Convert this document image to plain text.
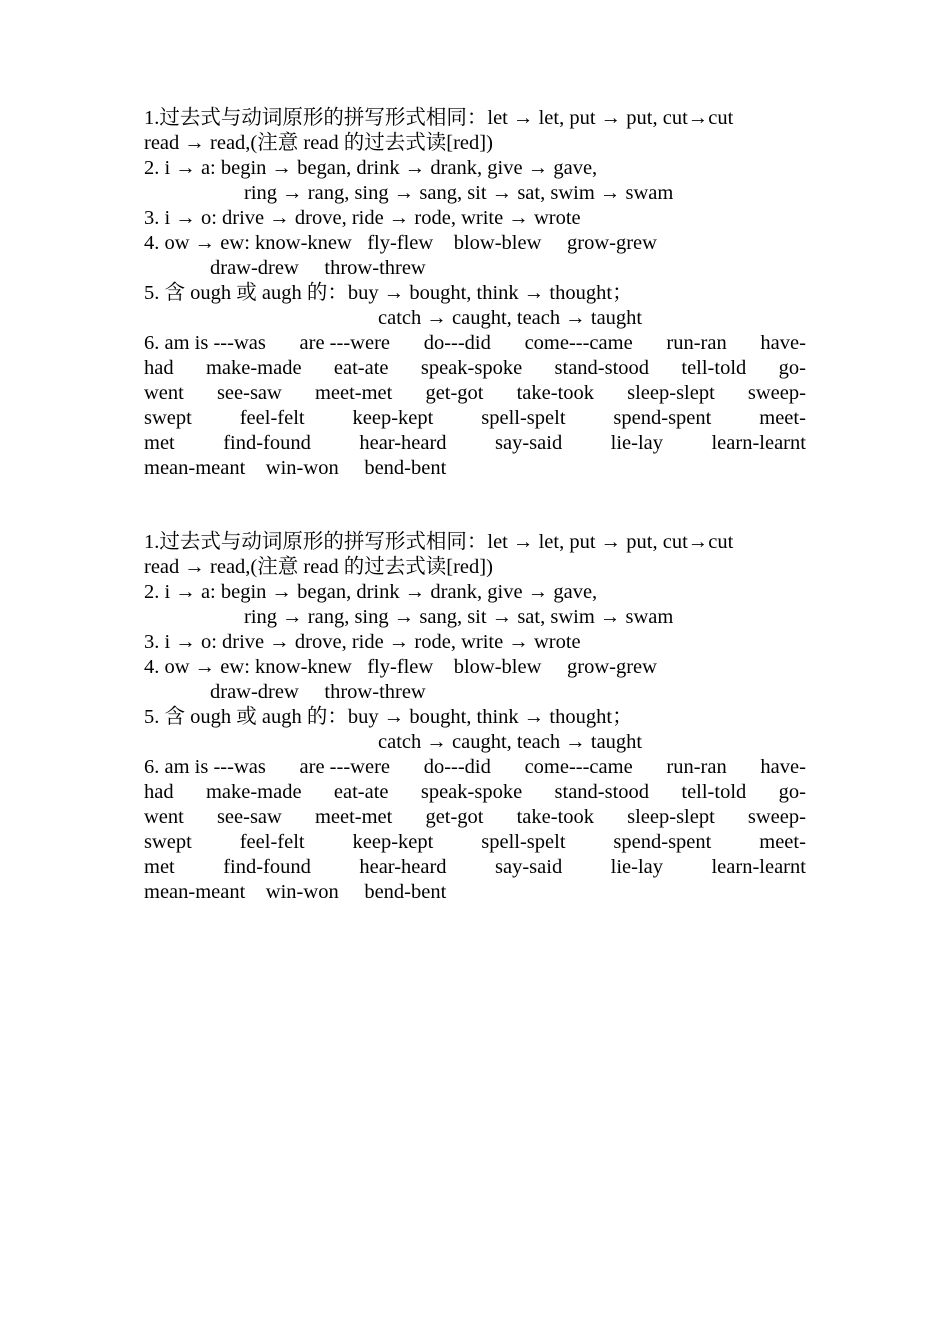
1.过去式与动词原形的拼写形式相同：let → let, put → put, cut→cut
read → read,(注意 read 的过去式读[red])
2. i → a: begin → began, drink → drank, give → gave,
ring → rang, sing → sang, sit → sat, swim → swam
3. i → o: drive → drove, ride → rode, write → wrote
4. ow → ew: know-knew   fly-flew    blow-blew     grow-grew
draw-drew     throw-threw
5. 含 ough 或 augh 的：buy → bought, think → thought；
catch → caught, teach → taught
6. am is ---was are ---were do---did come---came run-ran have-
had make-made eat-ate speak-spoke stand-stood tell-told go-
went see-saw meet-met get-got take-took sleep-slept sweep-
swept feel-felt keep-kept spell-spelt spend-spent meet-
met find-found hear-heard say-said lie-lay learn-learnt
mean-meant    win-won     bend-bent
1.过去式与动词原形的拼写形式相同：let → let, put → put, cut→cut
read → read,(注意 read 的过去式读[red])
2. i → a: begin → began, drink → drank, give → gave,
ring → rang, sing → sang, sit → sat, swim → swam
3. i → o: drive → drove, ride → rode, write → wrote
4. ow → ew: know-knew   fly-flew    blow-blew     grow-grew
draw-drew     throw-threw
5. 含 ough 或 augh 的：buy → bought, think → thought；
catch → caught, teach → taught
6. am is ---was are ---were do---did come---came run-ran have-
had make-made eat-ate speak-spoke stand-stood tell-told go-
went see-saw meet-met get-got take-took sleep-slept sweep-
swept feel-felt keep-kept spell-spelt spend-spent meet-
met find-found hear-heard say-said lie-lay learn-learnt
mean-meant    win-won     bend-bent
